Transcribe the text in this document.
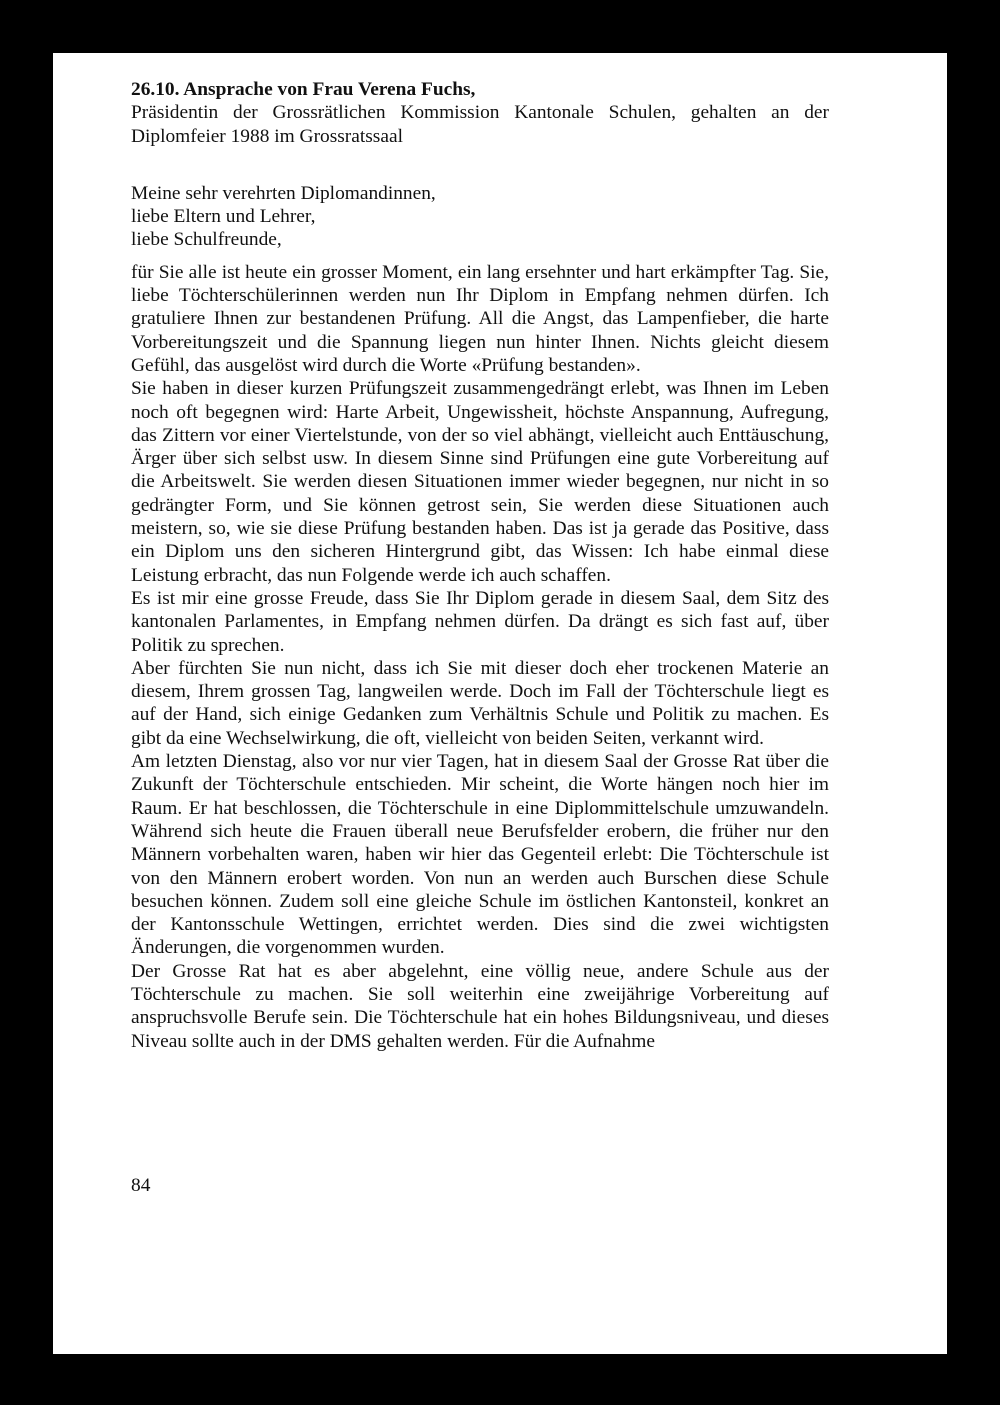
26.10. Ansprache von Frau Verena Fuchs,
Präsidentin der Grossrätlichen Kommission Kantonale Schulen, gehalten an der Diplomfeier 1988 im Grossratssaal
Meine sehr verehrten Diplomandinnen,
liebe Eltern und Lehrer,
liebe Schulfreunde,

für Sie alle ist heute ein grosser Moment, ein lang ersehnter und hart erkämpfter Tag. Sie, liebe Töchterschülerinnen werden nun Ihr Diplom in Empfang nehmen dürfen. Ich gratuliere Ihnen zur bestandenen Prüfung. All die Angst, das Lampenfieber, die harte Vorbereitungszeit und die Spannung liegen nun hinter Ihnen. Nichts gleicht diesem Gefühl, das ausgelöst wird durch die Worte «Prüfung bestanden».

Sie haben in dieser kurzen Prüfungszeit zusammengedrängt erlebt, was Ihnen im Leben noch oft begegnen wird: Harte Arbeit, Ungewissheit, höchste Anspannung, Aufregung, das Zittern vor einer Viertelstunde, von der so viel abhängt, vielleicht auch Enttäuschung, Ärger über sich selbst usw. In diesem Sinne sind Prüfungen eine gute Vorbereitung auf die Arbeitswelt. Sie werden diesen Situationen immer wieder begegnen, nur nicht in so gedrängter Form, und Sie können getrost sein, Sie werden diese Situationen auch meistern, so, wie sie diese Prüfung bestanden haben. Das ist ja gerade das Positive, dass ein Diplom uns den sicheren Hintergrund gibt, das Wissen: Ich habe einmal diese Leistung erbracht, das nun Folgende werde ich auch schaffen.

Es ist mir eine grosse Freude, dass Sie Ihr Diplom gerade in diesem Saal, dem Sitz des kantonalen Parlamentes, in Empfang nehmen dürfen. Da drängt es sich fast auf, über Politik zu sprechen.

Aber fürchten Sie nun nicht, dass ich Sie mit dieser doch eher trockenen Materie an diesem, Ihrem grossen Tag, langweilen werde. Doch im Fall der Töchterschule liegt es auf der Hand, sich einige Gedanken zum Verhältnis Schule und Politik zu machen. Es gibt da eine Wechselwirkung, die oft, vielleicht von beiden Seiten, verkannt wird.

Am letzten Dienstag, also vor nur vier Tagen, hat in diesem Saal der Grosse Rat über die Zukunft der Töchterschule entschieden. Mir scheint, die Worte hängen noch hier im Raum. Er hat beschlossen, die Töchterschule in eine Diplommittelschule umzuwandeln. Während sich heute die Frauen überall neue Berufsfelder erobern, die früher nur den Männern vorbehalten waren, haben wir hier das Gegenteil erlebt: Die Töchterschule ist von den Männern erobert worden. Von nun an werden auch Burschen diese Schule besuchen können. Zudem soll eine gleiche Schule im östlichen Kantonsteil, konkret an der Kantonsschule Wettingen, errichtet werden. Dies sind die zwei wichtigsten Änderungen, die vorgenommen wurden.

Der Grosse Rat hat es aber abgelehnt, eine völlig neue, andere Schule aus der Töchterschule zu machen. Sie soll weiterhin eine zweijährige Vorbereitung auf anspruchsvolle Berufe sein. Die Töchterschule hat ein hohes Bildungsniveau, und dieses Niveau sollte auch in der DMS gehalten werden. Für die Aufnahme

84
